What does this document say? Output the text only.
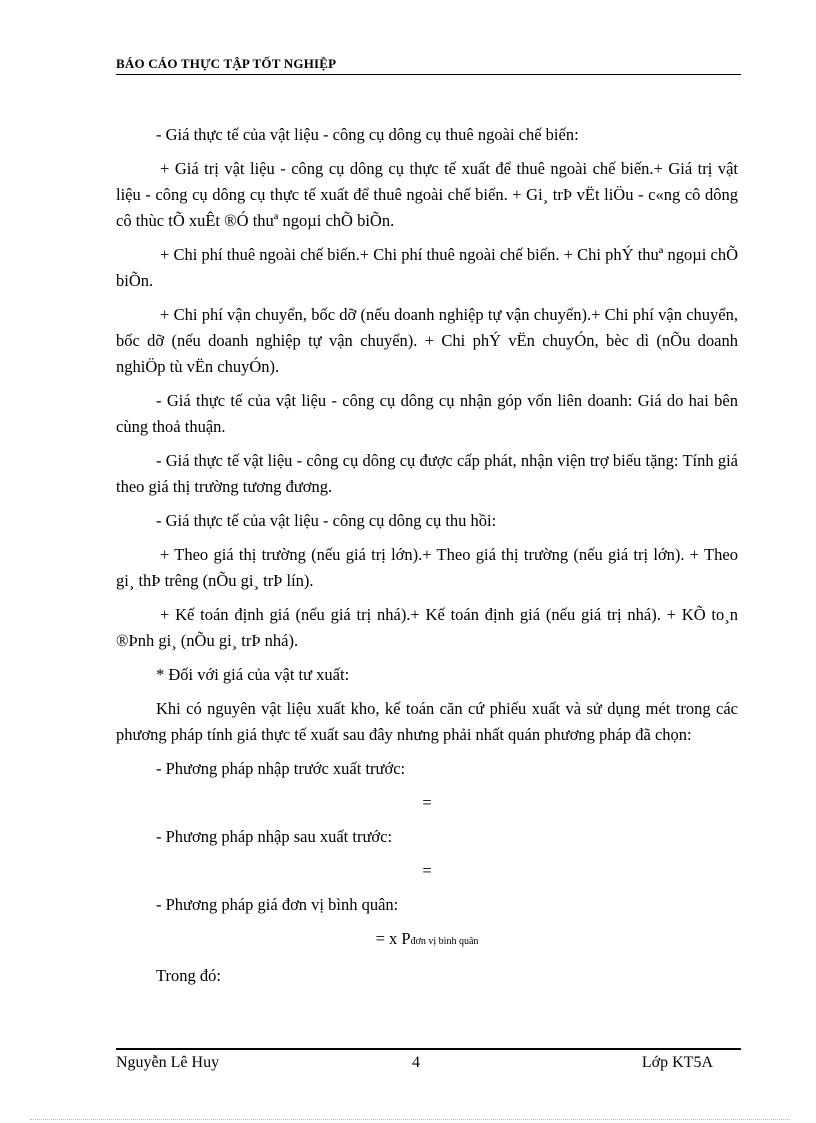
BÁO CÁO THỰC TẬP TỐT NGHIỆP

- Giá thực tế của vật liệu - công cụ dông cụ thuê ngoài chế biến:

+ Giá trị vật liệu - công cụ dông cụ thực tế xuất để thuê ngoài chế biến.+ Giá trị vật liệu - công cụ dông cụ thực tế xuất để thuê ngoài chế biến. + Gi¸ trÞ vËt liÖu - c«ng cô dông cô thùc tÕ xuÊt ®Ó thuª ngoµi chÕ biÕn.

+ Chi phí thuê ngoài chế biến.+ Chi phí thuê ngoài chế biến. + Chi phÝ thuª ngoµi chÕ biÕn.

+ Chi phí vận chuyển, bốc dỡ (nếu doanh nghiệp tự vận chuyển).+ Chi phí vận chuyển, bốc dỡ (nếu doanh nghiệp tự vận chuyển). + Chi phÝ vËn chuyÓn, bèc dì (nÕu doanh nghiÖp tù vËn chuyÓn).

- Giá thực tế của vật liệu - công cụ dông cụ nhận góp vốn liên doanh: Giá do hai bên cùng thoả thuận.

- Giá thực tế vật liệu - công cụ dông cụ được cấp phát, nhận viện trợ biếu tặng: Tính giá theo giá thị trường tương đương.

- Giá thực tế của vật liệu - công cụ dông cụ thu hồi:

+ Theo giá thị trường (nếu giá trị lớn).+ Theo giá thị trường (nếu giá trị lớn). + Theo gi¸ thÞ trêng (nÕu gi¸ trÞ lín).

+ Kế toán định giá (nếu giá trị nhá).+ Kế toán định giá (nếu giá trị nhá). + KÕ to¸n ®Þnh gi¸ (nÕu gi¸ trÞ nhá).

* Đối với giá của vật tư xuất:

Khi có nguyên vật liệu xuất kho, kế toán căn cứ phiếu xuất và sử dụng mét trong các phương pháp tính giá thực tế xuất sau đây nhưng phải nhất quán phương pháp đã chọn:

- Phương pháp nhập trước xuất trước:

=

- Phương pháp nhập sau xuất trước:

=

- Phương pháp giá đơn vị bình quân:

= x Pđơn vị bình quân

Trong đó:

Nguyễn Lê Huy	4	Lớp KT5A
